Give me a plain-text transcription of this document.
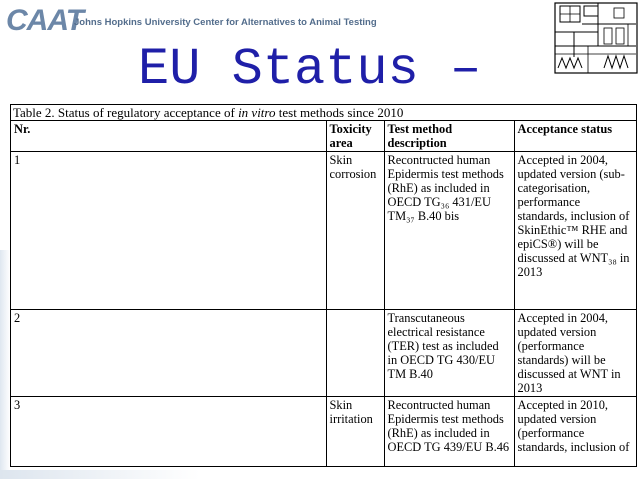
CAAT
Johns Hopkins University Center for Alternatives to Animal Testing
EU Status –
Table 2. Status of regulatory acceptance of in vitro test methods since 2010
Nr.	Toxicity area	Test method description	Acceptance status
1	Skin corrosion	Recontructed human Epidermis test methods (RhE) as included in OECD TG₃₆ 431/EU TM₃₇ B.40 bis	Accepted in 2004, updated version (sub-categorisation, performance standards, inclusion of SkinEthic™ RHE and epiCS®) will be discussed at WNT₃₈ in 2013
2		Transcutaneous electrical resistance (TER) test as included in OECD TG 430/EU TM B.40	Accepted in 2004, updated version (performance standards) will be discussed at WNT in 2013
3	Skin irritation	Recontructed human Epidermis test methods (RhE) as included in OECD TG 439/EU B.46	Accepted in 2010, updated version (performance standards, inclusion of
